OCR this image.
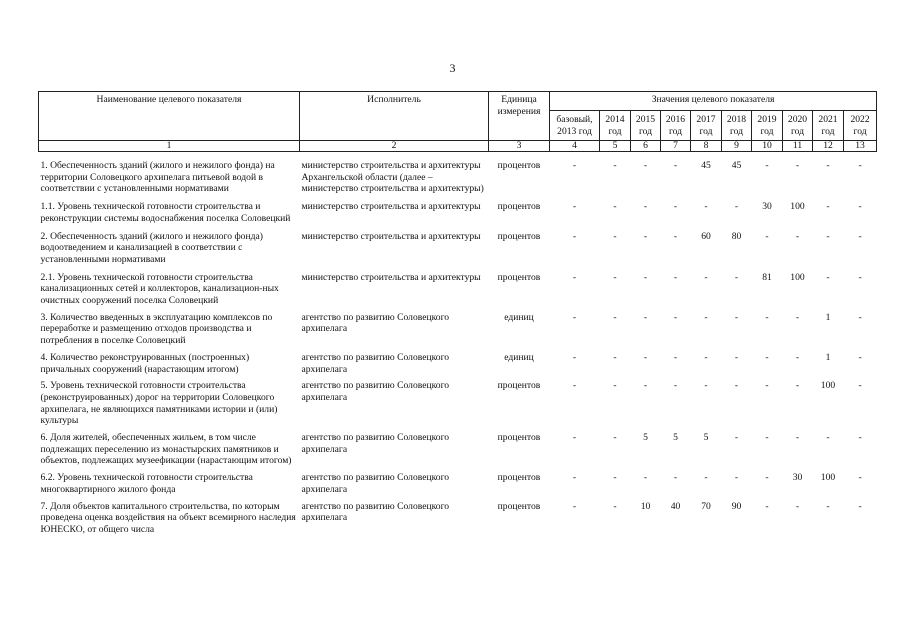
3
Наименование целевого показателя	Исполнитель	Единица измерения	Значения целевого показателя									
			базовый, 2013 год	2014 год	2015 год	2016 год	2017 год	2018 год	2019 год	2020 год	2021 год	2022 год
1	2	3	4	5	6	7	8	9	10	11	12	13

1. Обеспеченность зданий (жилого и нежилого фонда) на территории Соловецкого архипелага питьевой водой в соответствии с установленными нормативами	министерство строительства и архитектуры Архангельской области (далее – министерство строительства и архитектуры)	процентов	-	-	-	-	45	45	-	-	-	-

1.1. Уровень технической готовности строительства и реконструкции системы водоснабжения поселка Соловецкий	министерство строительства и архитектуры	процентов	-	-	-	-	-	-	30	100	-	-

2. Обеспеченность зданий (жилого и нежилого фонда) водоотведением и канализацией в соответствии с установленными нормативами	министерство строительства и архитектуры	процентов	-	-	-	-	60	80	-	-	-	-

2.1. Уровень технической готовности строительства канализационных сетей и коллекторов, канализацион-ных очистных сооружений поселка Соловецкий	министерство строительства и архитектуры	процентов	-	-	-	-	-	-	81	100	-	-

3. Количество введенных в эксплуатацию комплексов по переработке и размещению отходов производства и потребления в поселке Соловецкий	агентство по развитию Соловецкого архипелага	единиц	-	-	-	-	-	-	-	-	1	-

4. Количество реконструированных (построенных) причальных сооружений (нарастающим итогом)	агентство по развитию Соловецкого архипелага	единиц	-	-	-	-	-	-	-	-	1	-

5. Уровень технической готовности строительства (реконструированных) дорог на территории Соловецкого архипелага, не являющихся памятниками истории и (или) культуры	агентство по развитию Соловецкого архипелага	процентов	-	-	-	-	-	-	-	-	100	-

6. Доля жителей, обеспеченных жильем, в том числе подлежащих переселению из монастырских памятников и объектов, подлежащих музеефикации (нарастающим итогом)	агентство по развитию Соловецкого архипелага	процентов	-	-	5	5	5	-	-	-	-	-

6.2. Уровень технической готовности строительства многоквартирного жилого фонда	агентство по развитию Соловецкого архипелага	процентов	-	-	-	-	-	-	-	30	100	-

7. Доля объектов капитального строительства, по которым проведена оценка воздействия на объект всемирного наследия ЮНЕСКО, от общего числа	агентство по развитию Соловецкого архипелага	процентов	-	-	10	40	70	90	-	-	-	-
